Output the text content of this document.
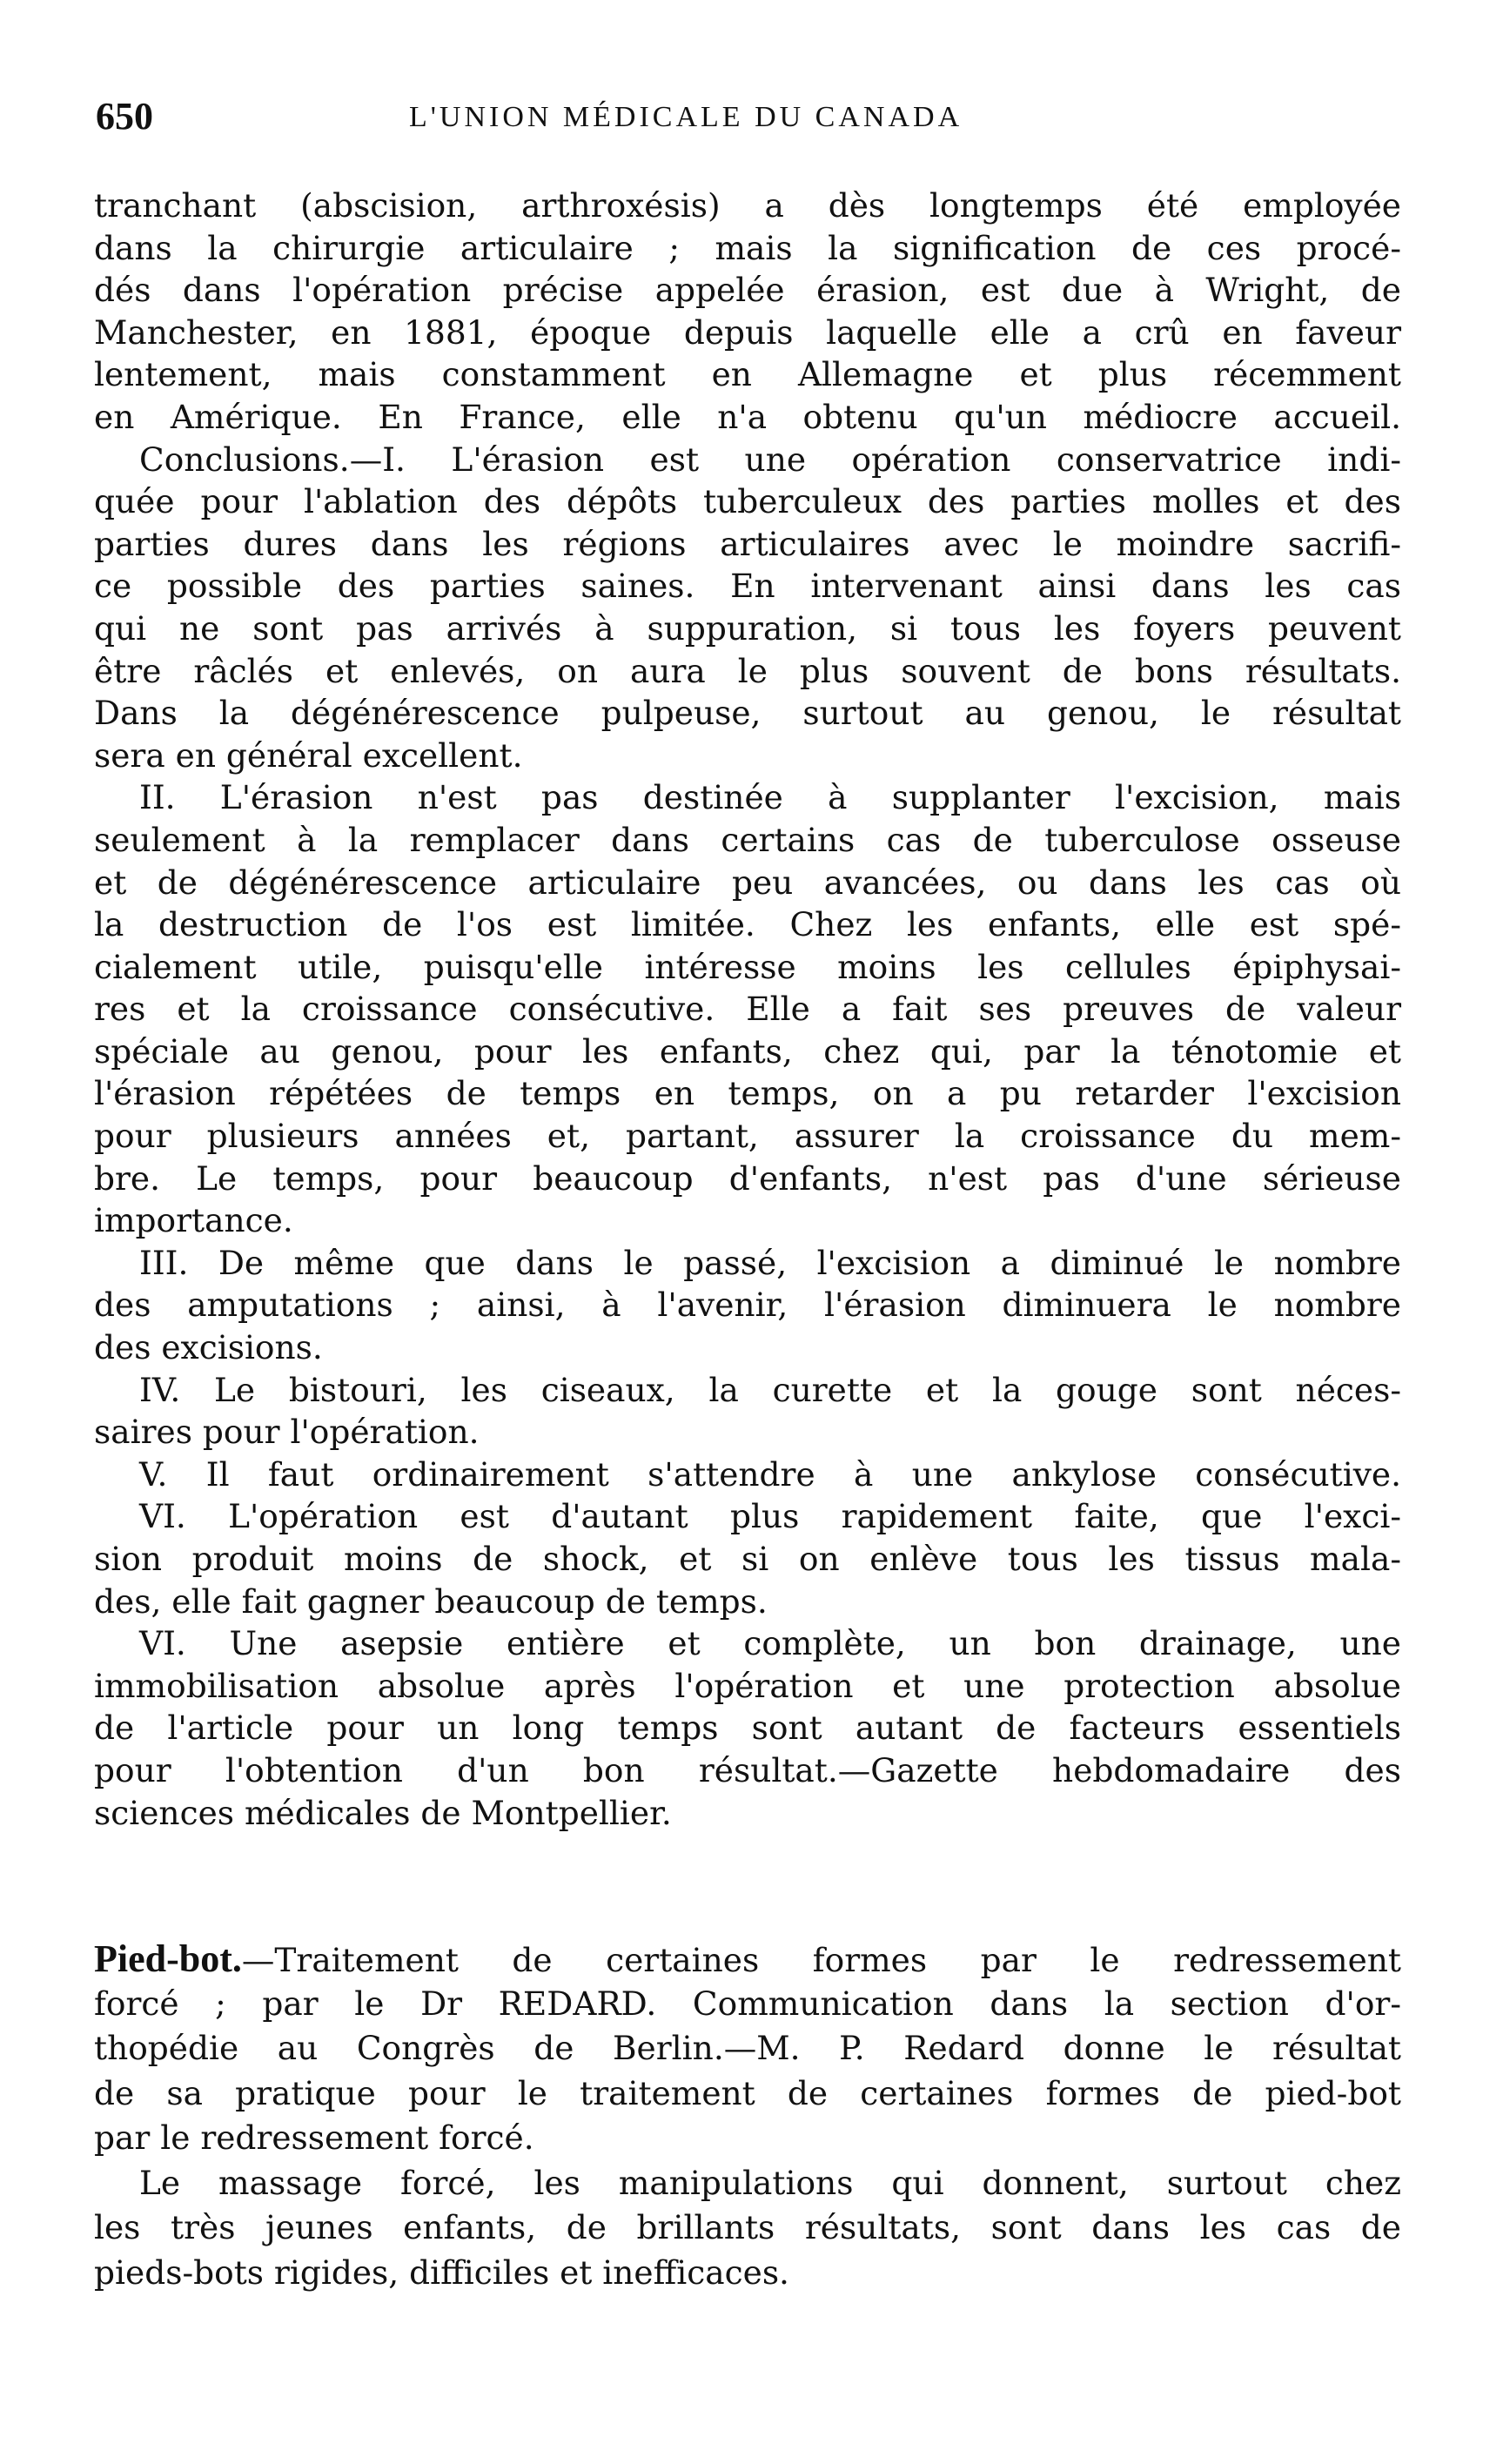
650	L'UNION MÉDICALE DU CANADA
tranchant (abscision, arthroxésis) a dès longtemps été employée
dans la chirurgie articulaire ; mais la signification de ces procé-
dés dans l'opération précise appelée érasion, est due à Wright, de
Manchester, en 1881, époque depuis laquelle elle a crû en faveur
lentement, mais constamment en Allemagne et plus récemment
en Amérique. En France, elle n'a obtenu qu'un médiocre accueil.
Conclusions.—I. L'érasion est une opération conservatrice indi-
quée pour l'ablation des dépôts tuberculeux des parties molles et des
parties dures dans les régions articulaires avec le moindre sacrifi-
ce possible des parties saines. En intervenant ainsi dans les cas
qui ne sont pas arrivés à suppuration, si tous les foyers peuvent
être râclés et enlevés, on aura le plus souvent de bons résultats.
Dans la dégénérescence pulpeuse, surtout au genou, le résultat
sera en général excellent.
II. L'érasion n'est pas destinée à supplanter l'excision, mais
seulement à la remplacer dans certains cas de tuberculose osseuse
et de dégénérescence articulaire peu avancées, ou dans les cas où
la destruction de l'os est limitée. Chez les enfants, elle est spé-
cialement utile, puisqu'elle intéresse moins les cellules épiphysai-
res et la croissance consécutive. Elle a fait ses preuves de valeur
spéciale au genou, pour les enfants, chez qui, par la ténotomie et
l'érasion répétées de temps en temps, on a pu retarder l'excision
pour plusieurs années et, partant, assurer la croissance du mem-
bre. Le temps, pour beaucoup d'enfants, n'est pas d'une sérieuse
importance.
III. De même que dans le passé, l'excision a diminué le nombre
des amputations ; ainsi, à l'avenir, l'érasion diminuera le nombre
des excisions.
IV. Le bistouri, les ciseaux, la curette et la gouge sont néces-
saires pour l'opération.
V. Il faut ordinairement s'attendre à une ankylose consécutive.
VI. L'opération est d'autant plus rapidement faite, que l'exci-
sion produit moins de shock, et si on enlève tous les tissus mala-
des, elle fait gagner beaucoup de temps.
VI. Une asepsie entière et complète, un bon drainage, une
immobilisation absolue après l'opération et une protection absolue
de l'article pour un long temps sont autant de facteurs essentiels
pour l'obtention d'un bon résultat.—Gazette hebdomadaire des
sciences médicales de Montpellier.
Pied-bot.—Traitement de certaines formes par le redressement
forcé ; par le Dr REDARD. Communication dans la section d'or-
thopédie au Congrès de Berlin.—M. P. Redard donne le résultat
de sa pratique pour le traitement de certaines formes de pied-bot
par le redressement forcé.
Le massage forcé, les manipulations qui donnent, surtout chez
les très jeunes enfants, de brillants résultats, sont dans les cas de
pieds-bots rigides, difficiles et inefficaces.
